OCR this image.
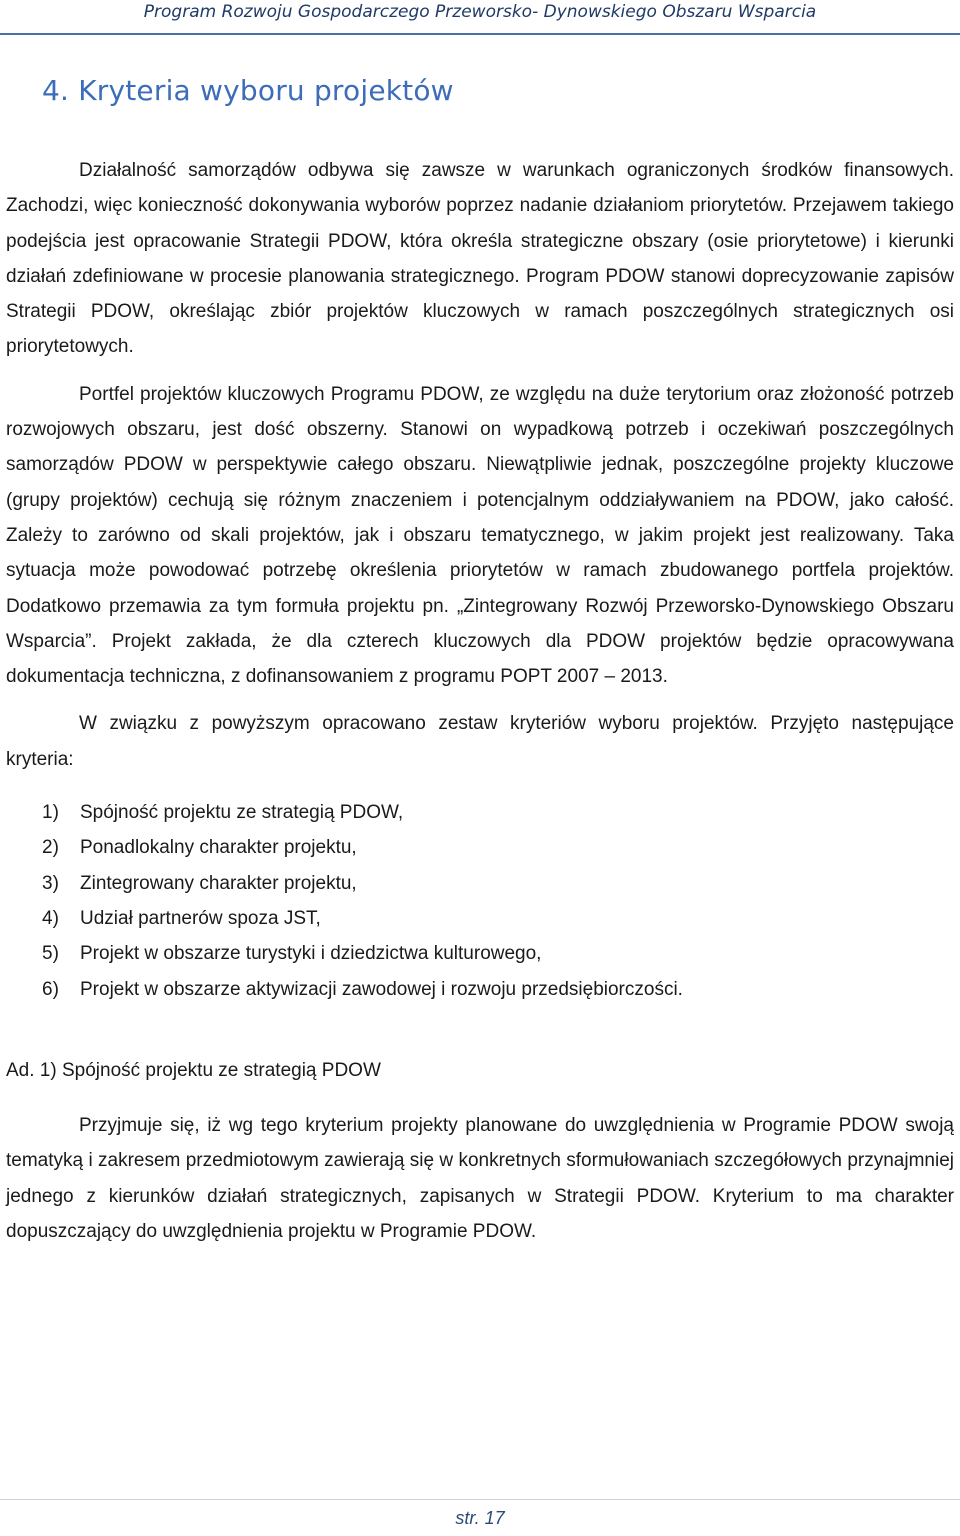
Program Rozwoju Gospodarczego Przeworsko- Dynowskiego Obszaru Wsparcia
4. Kryteria wyboru projektów

Działalność samorządów odbywa się zawsze w warunkach ograniczonych środków finansowych. Zachodzi, więc konieczność dokonywania wyborów poprzez nadanie działaniom priorytetów. Przejawem takiego podejścia jest opracowanie Strategii PDOW, która określa strategiczne obszary (osie priorytetowe) i kierunki działań zdefiniowane w procesie planowania strategicznego. Program PDOW stanowi doprecyzowanie zapisów Strategii PDOW, określając zbiór projektów kluczowych w ramach poszczególnych strategicznych osi priorytetowych.

Portfel projektów kluczowych Programu PDOW, ze względu na duże terytorium oraz złożoność potrzeb rozwojowych obszaru, jest dość obszerny. Stanowi on wypadkową potrzeb i oczekiwań poszczególnych samorządów PDOW w perspektywie całego obszaru. Niewątpliwie jednak, poszczególne projekty kluczowe (grupy projektów) cechują się różnym znaczeniem i potencjalnym oddziaływaniem na PDOW, jako całość. Zależy to zarówno od skali projektów, jak i obszaru tematycznego, w jakim projekt jest realizowany. Taka sytuacja może powodować potrzebę określenia priorytetów w ramach zbudowanego portfela projektów. Dodatkowo przemawia za tym formuła projektu pn. „Zintegrowany Rozwój Przeworsko-Dynowskiego Obszaru Wsparcia”. Projekt zakłada, że dla czterech kluczowych dla PDOW projektów będzie opracowywana dokumentacja techniczna, z dofinansowaniem z programu POPT 2007 – 2013.

W związku z powyższym opracowano zestaw kryteriów wyboru projektów. Przyjęto następujące kryteria:

1)	Spójność projektu ze strategią PDOW,
2)	Ponadlokalny charakter projektu,
3)	Zintegrowany charakter projektu,
4)	Udział partnerów spoza JST,
5)	Projekt w obszarze turystyki i dziedzictwa kulturowego,
6)	Projekt w obszarze aktywizacji zawodowej i rozwoju przedsiębiorczości.
Ad. 1) Spójność projektu ze strategią PDOW

Przyjmuje się, iż wg tego kryterium projekty planowane do uwzględnienia w Programie PDOW swoją tematyką i zakresem przedmiotowym zawierają się w konkretnych sformułowaniach szczegółowych przynajmniej jednego z kierunków działań strategicznych, zapisanych w Strategii PDOW. Kryterium to ma charakter dopuszczający do uwzględnienia projektu w Programie PDOW.

str. 17
